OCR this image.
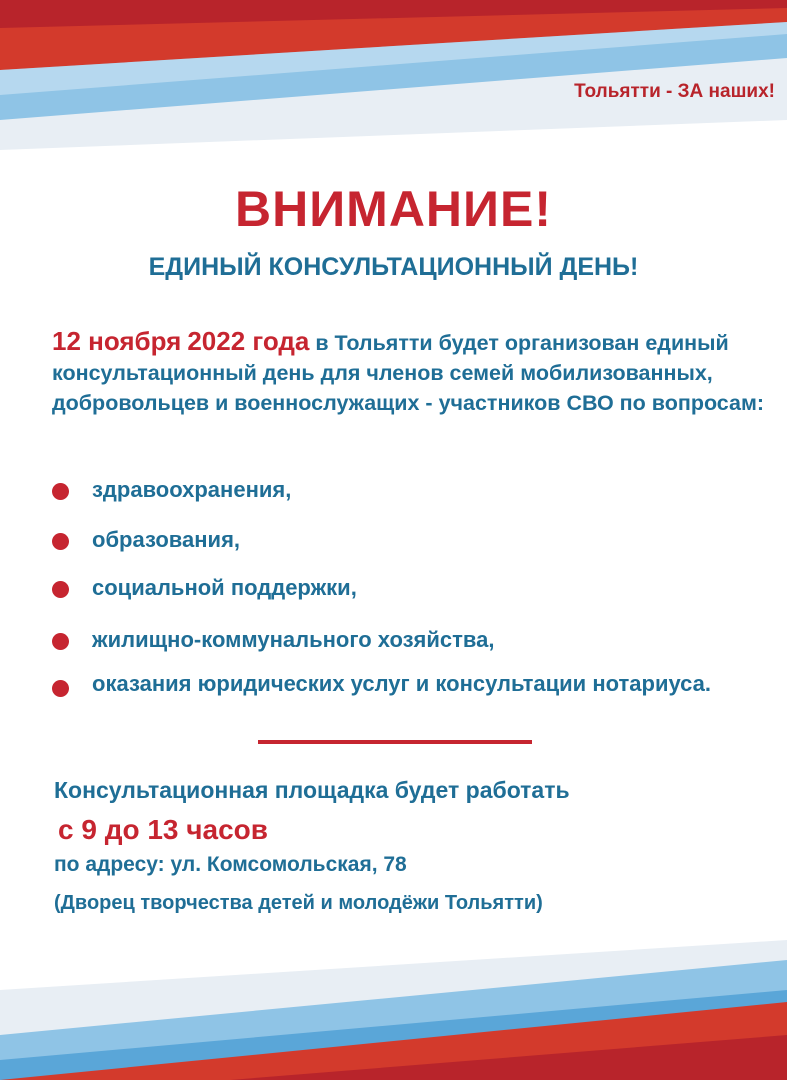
Тольятти - ЗА наших!
ВНИМАНИЕ!
ЕДИНЫЙ КОНСУЛЬТАЦИОННЫЙ ДЕНЬ!
12 ноября 2022 года в Тольятти будет организован единый консультационный день для членов семей мобилизованных, добровольцев и военнослужащих - участников СВО по вопросам:
здравоохранения,
образования,
социальной поддержки,
жилищно-коммунального хозяйства,
оказания юридических услуг и консультации нотариуса.
Консультационная площадка будет работать
с 9 до 13 часов
по адресу: ул. Комсомольская, 78
(Дворец творчества детей и молодёжи Тольятти)
